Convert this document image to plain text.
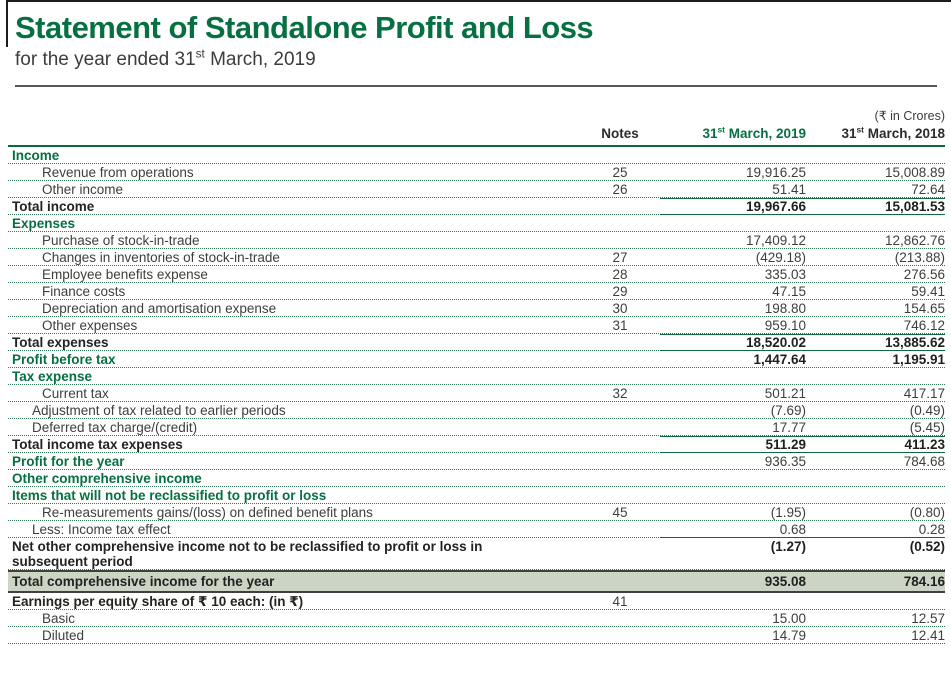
Statement of Standalone Profit and Loss
for the year ended 31st March, 2019
(₹ in Crores)
Notes	31st March, 2019	31st March, 2018
Income
Revenue from operations	25	19,916.25	15,008.89
Other income	26	51.41	72.64
Total income	19,967.66	15,081.53
Expenses
Purchase of stock-in-trade	17,409.12	12,862.76
Changes in inventories of stock-in-trade	27	(429.18)	(213.88)
Employee benefits expense	28	335.03	276.56
Finance costs	29	47.15	59.41
Depreciation and amortisation expense	30	198.80	154.65
Other expenses	31	959.10	746.12
Total expenses	18,520.02	13,885.62
Profit before tax	1,447.64	1,195.91
Tax expense
Current tax	32	501.21	417.17
Adjustment of tax related to earlier periods	(7.69)	(0.49)
Deferred tax charge/(credit)	17.77	(5.45)
Total income tax expenses	511.29	411.23
Profit for the year	936.35	784.68
Other comprehensive income
Items that will not be reclassified to profit or loss
Re-measurements gains/(loss) on defined benefit plans	45	(1.95)	(0.80)
Less: Income tax effect	0.68	0.28
Net other comprehensive income not to be reclassified to profit or loss in subsequent period
(1.27)	(0.52)
Total comprehensive income for the year	935.08	784.16
Earnings per equity share of ₹ 10 each: (in ₹)	41
Basic	15.00	12.57
Diluted	14.79	12.41
